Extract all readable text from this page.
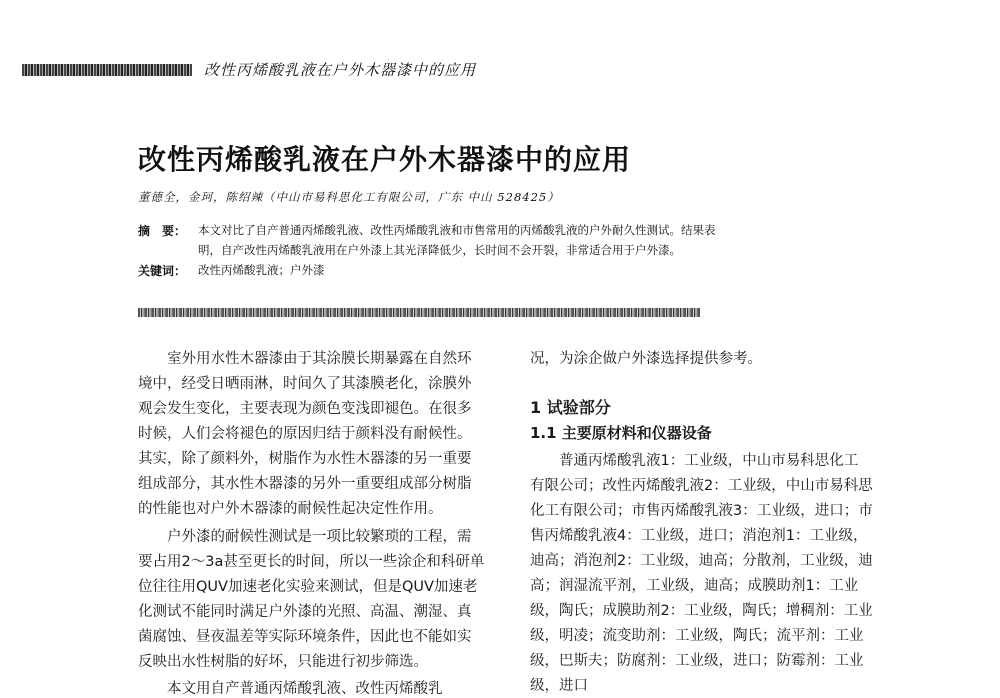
改性丙烯酸乳液在户外木器漆中的应用
改性丙烯酸乳液在户外木器漆中的应用
董德全，金珂，陈绍辣（中山市易科思化工有限公司，广东 中山 528425）
摘　要： 本文对比了自产普通丙烯酸乳液、改性丙烯酸乳液和市售常用的丙烯酸乳液的户外耐久性测试。结果表
明，自产改性丙烯酸乳液用在户外漆上其光泽降低少，长时间不会开裂，非常适合用于户外漆。
关键词： 改性丙烯酸乳液；户外漆
　　室外用水性木器漆由于其涂膜长期暴露在自然环
境中，经受日晒雨淋，时间久了其漆膜老化，涂膜外
观会发生变化，主要表现为颜色变浅即褪色。在很多
时候，人们会将褪色的原因归结于颜料没有耐候性。
其实，除了颜料外，树脂作为水性木器漆的另一重要
组成部分，其水性木器漆的另外一重要组成部分树脂
的性能也对户外木器漆的耐候性起决定性作用。
　　户外漆的耐候性测试是一项比较繁琐的工程，需
要占用2～3a甚至更长的时间，所以一些涂企和科研单
位往往用QUV加速老化实验来测试，但是QUV加速老
化测试不能同时满足户外漆的光照、高温、潮湿、真
菌腐蚀、昼夜温差等实际环境条件，因此也不能如实
反映出水性树脂的好坏，只能进行初步筛选。
　　本文用自产普通丙烯酸乳液、改性丙烯酸乳
况，为涂企做户外漆选择提供参考。
1 试验部分
1.1 主要原材料和仪器设备
　　普通丙烯酸乳液1：工业级，中山市易科思化工
有限公司；改性丙烯酸乳液2：工业级，中山市易科思
化工有限公司；市售丙烯酸乳液3：工业级，进口；市
售丙烯酸乳液4：工业级，进口；消泡剂1：工业级，
迪高；消泡剂2：工业级，迪高；分散剂，工业级，迪
高；润湿流平剂，工业级，迪高；成膜助剂1：工业
级，陶氏；成膜助剂2：工业级，陶氏；增稠剂：工业
级，明凌；流变助剂：工业级，陶氏；流平剂：工业
级，巴斯夫；防腐剂：工业级，进口；防霉剂：工业
级，进口
